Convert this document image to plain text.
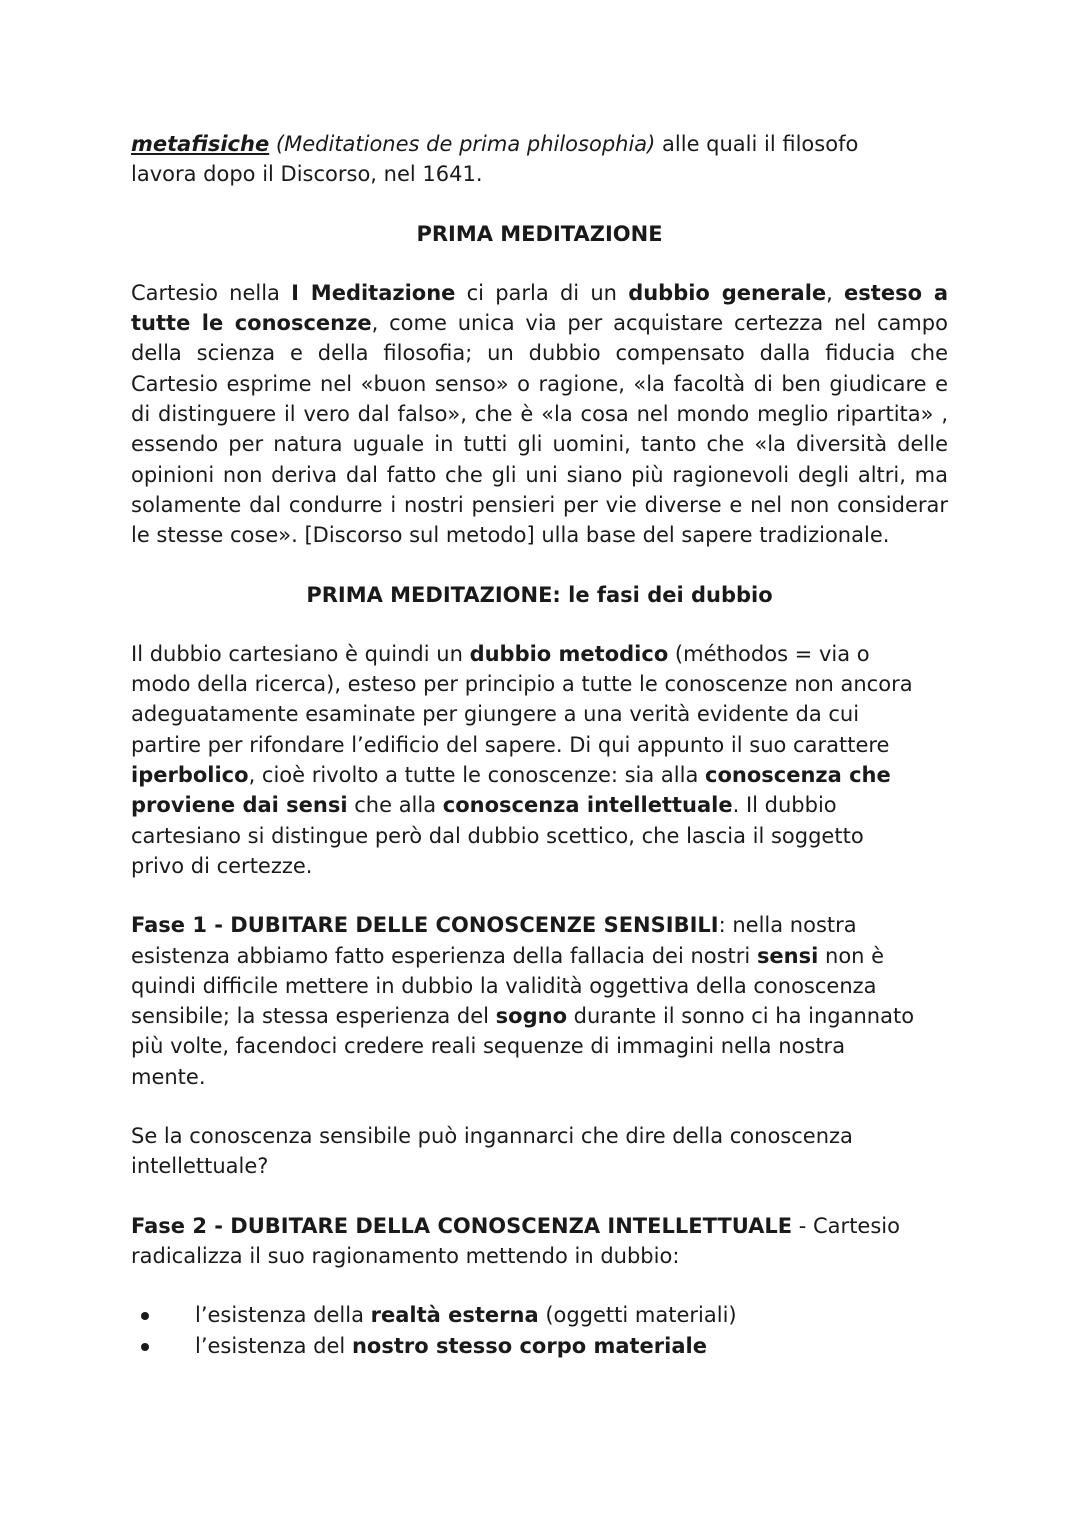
metafisiche (Meditationes de prima philosophia) alle quali il filosofo
lavora dopo il Discorso, nel 1641.

PRIMA MEDITAZIONE

Cartesio nella I Meditazione ci parla di un dubbio generale, esteso a tutte le conoscenze, come unica via per acquistare certezza nel campo della scienza e della filosofia; un dubbio compensato dalla fiducia che Cartesio esprime nel «buon senso» o ragione, «la facoltà di ben giudicare e di distinguere il vero dal falso», che è «la cosa nel mondo meglio ripartita» , essendo per natura uguale in tutti gli uomini, tanto che «la diversità delle opinioni non deriva dal fatto che gli uni siano più ragionevoli degli altri, ma solamente dal condurre i nostri pensieri per vie diverse e nel non considerar le stesse cose». [Discorso sul metodo] ulla base del sapere tradizionale.

PRIMA MEDITAZIONE: le fasi dei dubbio

Il dubbio cartesiano è quindi un dubbio metodico (méthodos = via o
modo della ricerca), esteso per principio a tutte le conoscenze non ancora
adeguatamente esaminate per giungere a una verità evidente da cui
partire per rifondare l’edificio del sapere. Di qui appunto il suo carattere
iperbolico, cioè rivolto a tutte le conoscenze: sia alla conoscenza che
proviene dai sensi che alla conoscenza intellettuale. Il dubbio
cartesiano si distingue però dal dubbio scettico, che lascia il soggetto
privo di certezze.

Fase 1 - DUBITARE DELLE CONOSCENZE SENSIBILI: nella nostra
esistenza abbiamo fatto esperienza della fallacia dei nostri sensi non è
quindi difficile mettere in dubbio la validità oggettiva della conoscenza
sensibile; la stessa esperienza del sogno durante il sonno ci ha ingannato
più volte, facendoci credere reali sequenze di immagini nella nostra
mente.

Se la conoscenza sensibile può ingannarci che dire della conoscenza
intellettuale?

Fase 2 - DUBITARE DELLA CONOSCENZA INTELLETTUALE - Cartesio
radicalizza il suo ragionamento mettendo in dubbio:

l’esistenza della realtà esterna (oggetti materiali)
l’esistenza del nostro stesso corpo materiale
